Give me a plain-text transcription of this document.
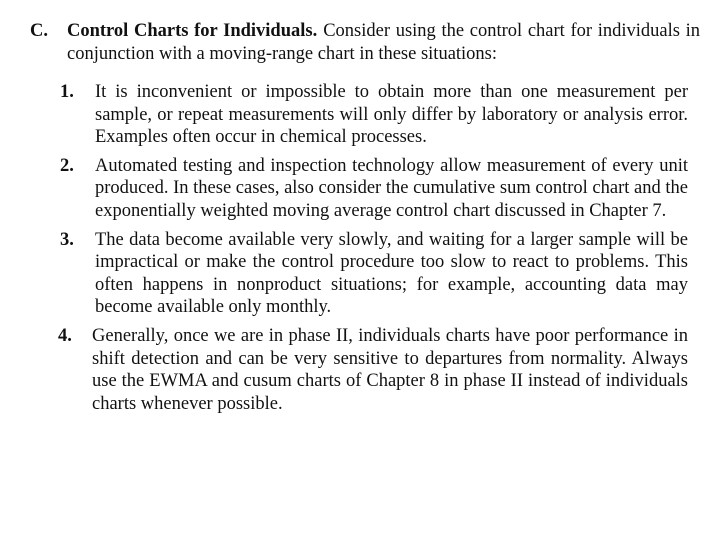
C. Control Charts for Individuals. Consider using the control chart for individuals in conjunction with a moving-range chart in these situations:
1. It is inconvenient or impossible to obtain more than one measurement per sample, or repeat measurements will only differ by laboratory or analysis error. Examples often occur in chemical processes.
2. Automated testing and inspection technology allow measurement of every unit produced. In these cases, also consider the cumulative sum control chart and the exponentially weighted moving average control chart discussed in Chapter 7.
3. The data become available very slowly, and waiting for a larger sample will be impractical or make the control procedure too slow to react to problems. This often happens in nonproduct situations; for example, accounting data may become available only monthly.
4. Generally, once we are in phase II, individuals charts have poor performance in shift detection and can be very sensitive to departures from normality. Always use the EWMA and cusum charts of Chapter 8 in phase II instead of individuals charts whenever possible.
